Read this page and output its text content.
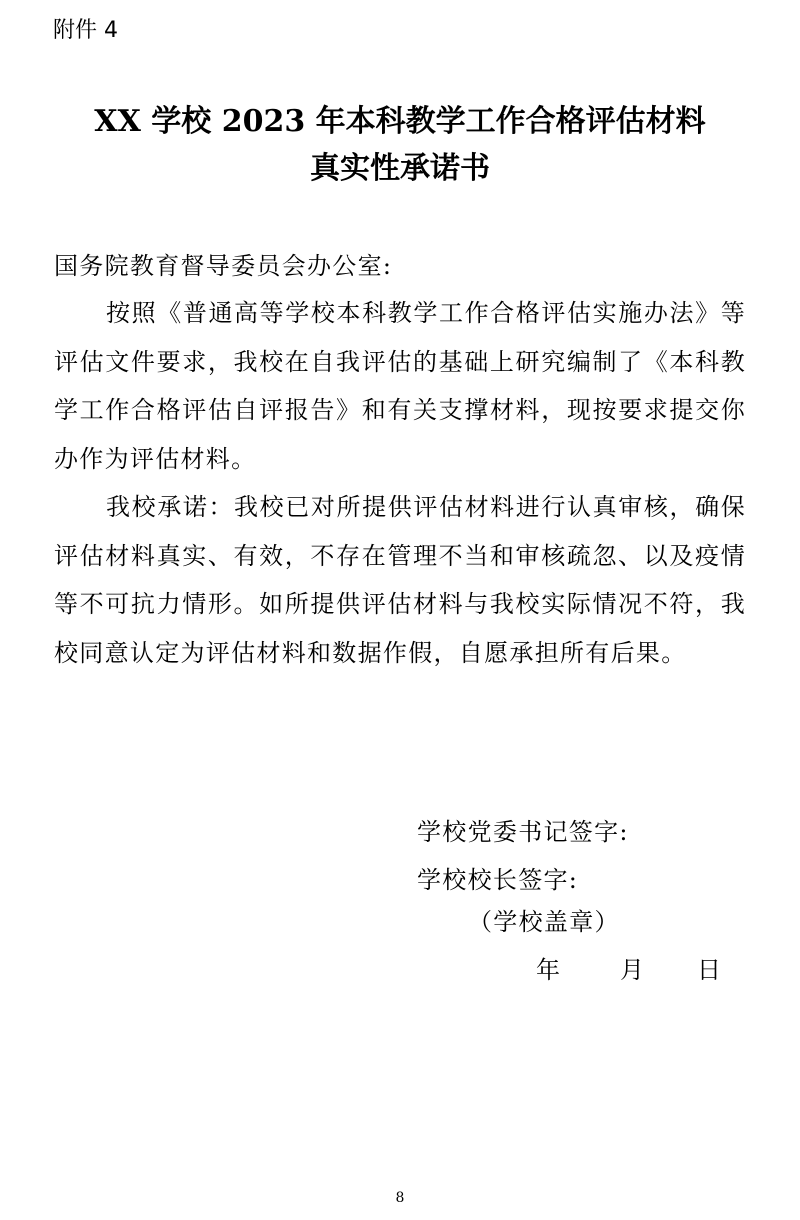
附件 4
XX 学校 2023 年本科教学工作合格评估材料
真实性承诺书
国务院教育督导委员会办公室:

按照《普通高等学校本科教学工作合格评估实施办法》等评估文件要求，我校在自我评估的基础上研究编制了《本科教学工作合格评估自评报告》和有关支撑材料，现按要求提交你办作为评估材料。

我校承诺：我校已对所提供评估材料进行认真审核，确保评估材料真实、有效，不存在管理不当和审核疏忽、以及疫情等不可抗力情形。如所提供评估材料与我校实际情况不符，我校同意认定为评估材料和数据作假，自愿承担所有后果。

学校党委书记签字:
学校校长签字:
（学校盖章）
年	月 日
8
